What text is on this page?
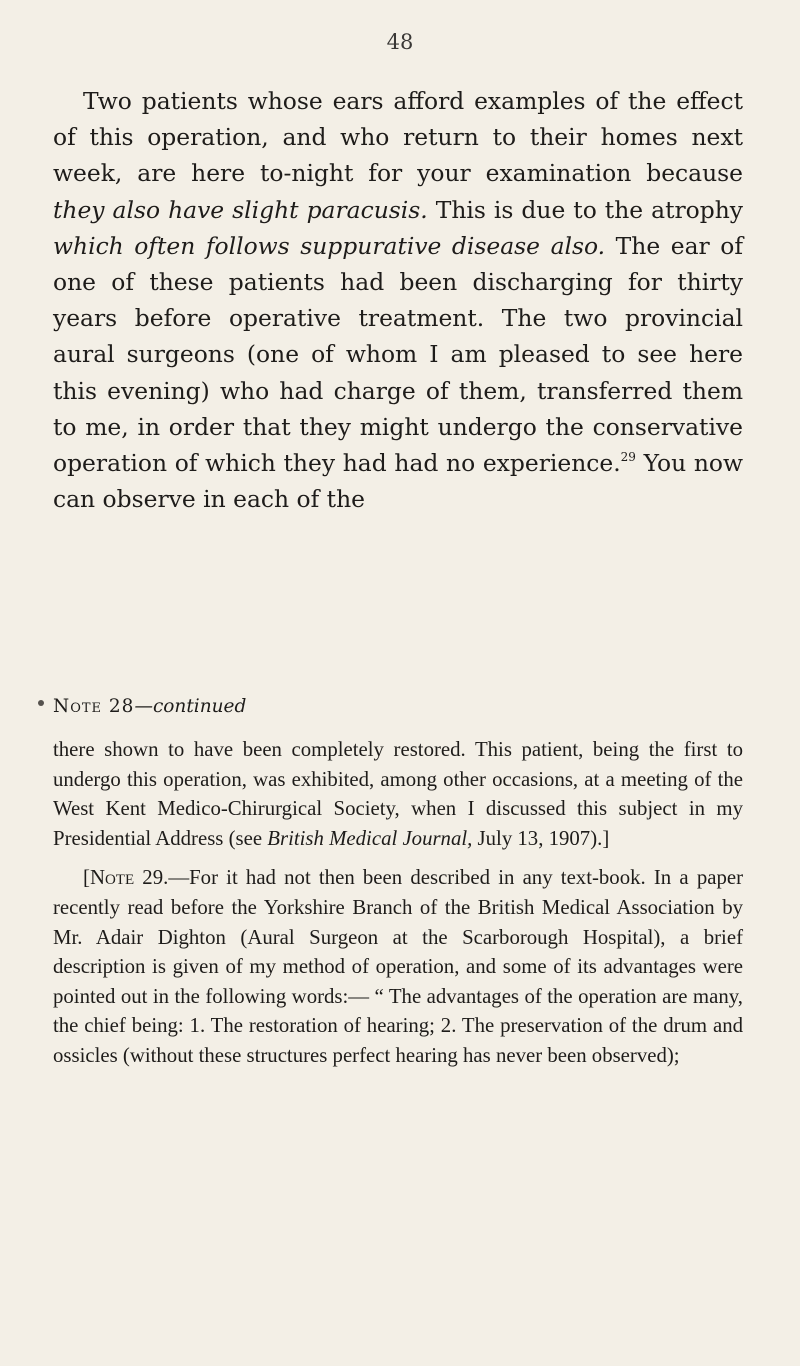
48

Two patients whose ears afford examples of the effect of this operation, and who return to their homes next week, are here to-night for your examination because they also have slight paracusis. This is due to the atrophy which often follows suppurative disease also. The ear of one of these patients had been discharging for thirty years before operative treatment. The two provincial aural surgeons (one of whom I am pleased to see here this evening) who had charge of them, transferred them to me, in order that they might undergo the conservative operation of which they had had no experience.$^{29}$ You now can observe in each of the

Note 28—continued

there shown to have been completely restored. This patient, being the first to undergo this operation, was exhibited, among other occasions, at a meeting of the West Kent Medico-Chirurgical Society, when I discussed this subject in my Presidential Address (see British Medical Journal, July 13, 1907).]

[Note 29.—For it had not then been described in any text-book. In a paper recently read before the Yorkshire Branch of the British Medical Association by Mr. Adair Dighton (Aural Surgeon at the Scarborough Hospital), a brief description is given of my method of operation, and some of its advantages were pointed out in the following words:— “ The advantages of the operation are many, the chief being: 1. The restoration of hearing; 2. The preservation of the drum and ossicles (without these structures perfect hearing has never been observed);
